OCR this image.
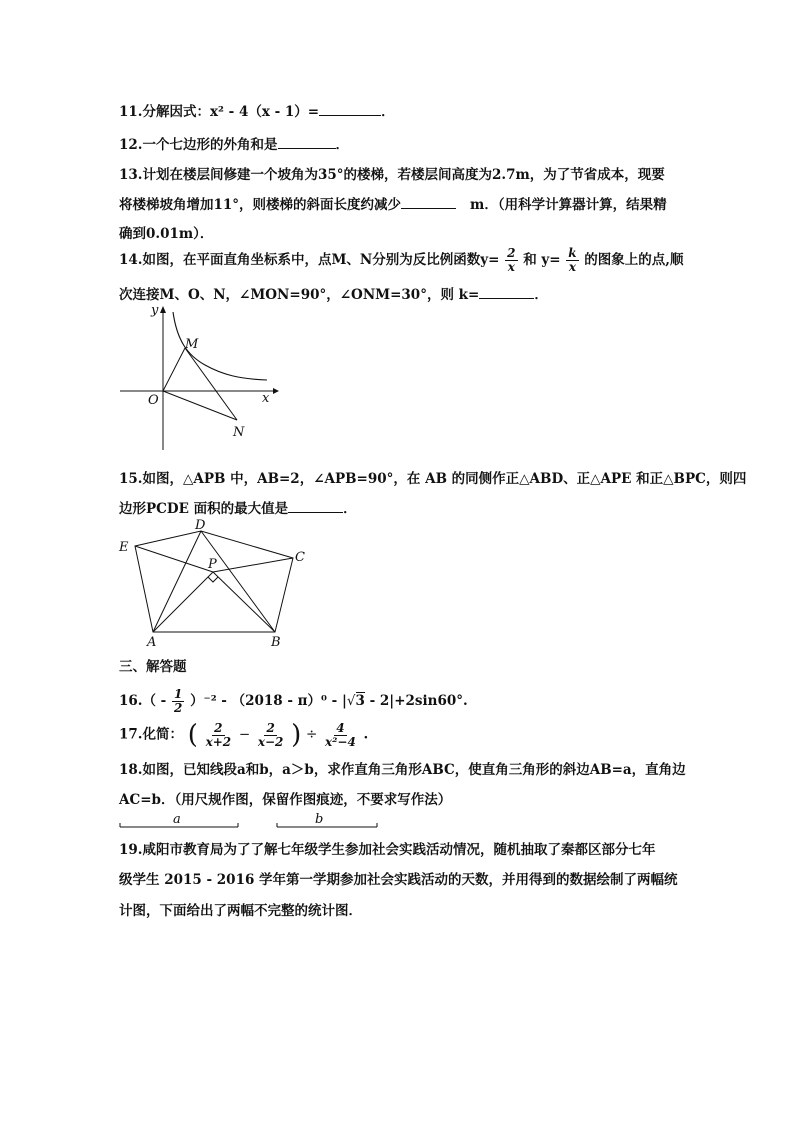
11.分解因式：x² - 4（x - 1）=	．
12.一个七边形的外角和是	．
13.计划在楼层间修建一个坡角为35°的楼梯，若楼层间高度为2.7m，为了节省成本，现要
将楼梯坡角增加11°，则楼梯的斜面长度约减少	m．（用科学计算器计算，结果精
确到0.01m）．
14.如图，在平面直角坐标系中，点M、N分别为反比例函数$y= \frac{2}{x}$ 和 $y= \frac{k}{x}$ 的图象上的点,顺
次连接M、O、N，∠MON=90°，∠ONM=30°，则 k=	．
y
x
M
O
N
15.如图，△APB 中，AB=2，∠APB=90°，在 AB 的同侧作正△ABD、正△APE 和正△BPC，则四
边形PCDE 面积的最大值是	．
D
E
C
P
A	B
三、解答题
$16.( - \frac{1}{2} )^{-2} - (2018 - \pi)^0 - |√3 - 2|+2\sin 60^\circ$.
17.化简： ( $\frac{2}{x+2} - \frac{2}{x-2}$ ) ÷ $\frac{4}{\text{x²−4}}$ .
18.如图，已知线段a和b，a＞b，求作直角三角形ABC，使直角三角形的斜边AB=a，直角边
AC=b．（用尺规作图，保留作图痕迹，不要求写作法）
a	b
19.咸阳市教育局为了了解七年级学生参加社会实践活动情况，随机抽取了秦都区部分七年
级学生 2015 - 2016 学年第一学期参加社会实践活动的天数，并用得到的数据绘制了两幅统
计图，下面给出了两幅不完整的统计图．
